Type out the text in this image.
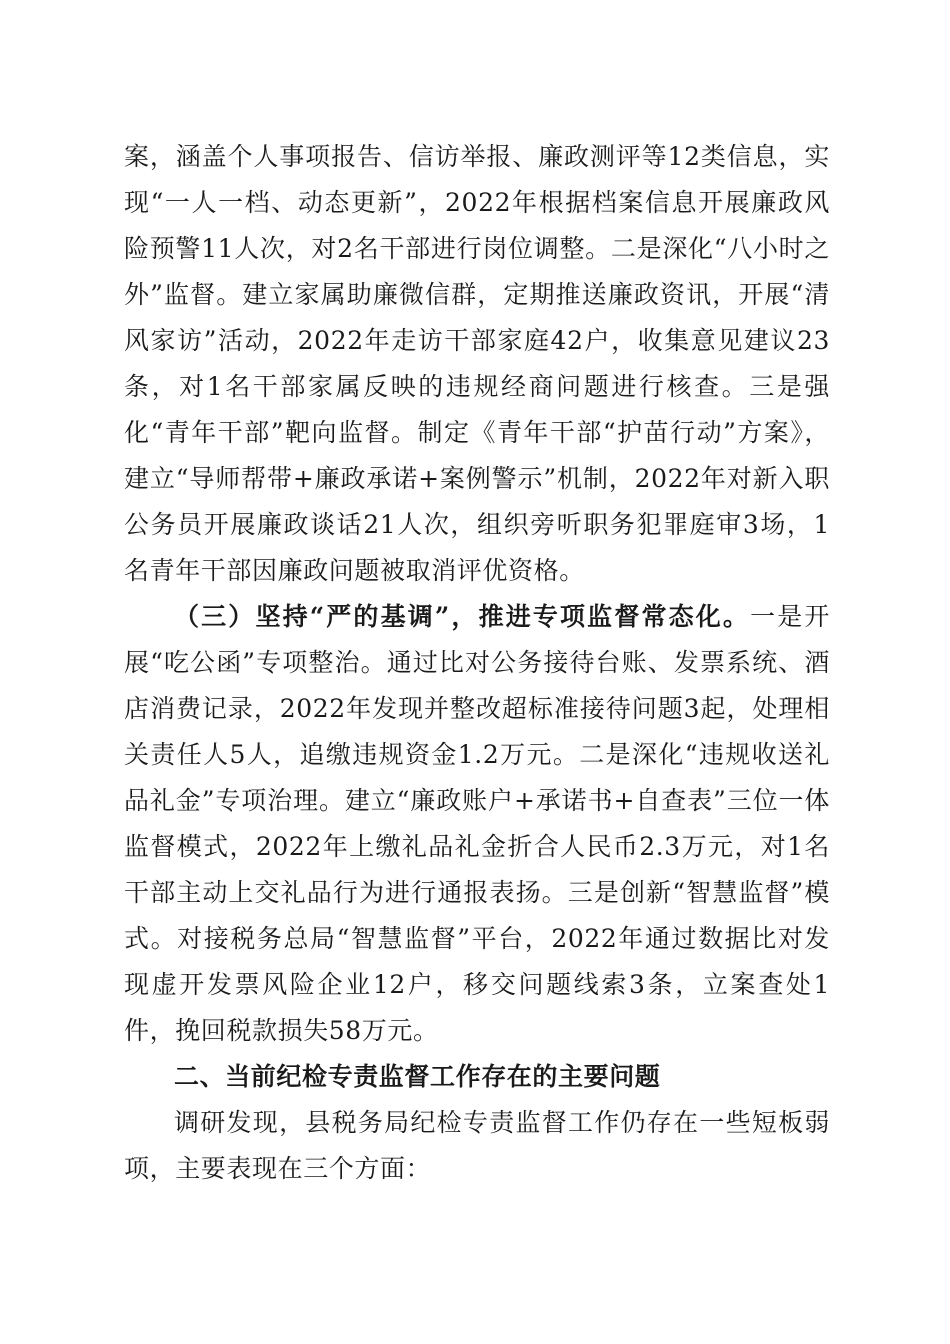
案，涵盖个人事项报告、信访举报、廉政测评等12类信息，实现“一人一档、动态更新”，2022年根据档案信息开展廉政风险预警11人次，对2名干部进行岗位调整。二是深化“八小时之外”监督。建立家属助廉微信群，定期推送廉政资讯，开展“清风家访”活动，2022年走访干部家庭42户，收集意见建议23条，对1名干部家属反映的违规经商问题进行核查。三是强化“青年干部”靶向监督。制定《青年干部“护苗行动”方案》，建立“导师帮带+廉政承诺+案例警示”机制，2022年对新入职公务员开展廉政谈话21人次，组织旁听职务犯罪庭审3场，1名青年干部因廉政问题被取消评优资格。

（三）坚持“严的基调”，推进专项监督常态化。一是开展“吃公函”专项整治。通过比对公务接待台账、发票系统、酒店消费记录，2022年发现并整改超标准接待问题3起，处理相关责任人5人，追缴违规资金1.2万元。二是深化“违规收送礼品礼金”专项治理。建立“廉政账户+承诺书+自查表”三位一体监督模式，2022年上缴礼品礼金折合人民币2.3万元，对1名干部主动上交礼品行为进行通报表扬。三是创新“智慧监督”模式。对接税务总局“智慧监督”平台，2022年通过数据比对发现虚开发票风险企业12户，移交问题线索3条，立案查处1件，挽回税款损失58万元。

二、当前纪检专责监督工作存在的主要问题

调研发现，县税务局纪检专责监督工作仍存在一些短板弱项，主要表现在三个方面：
